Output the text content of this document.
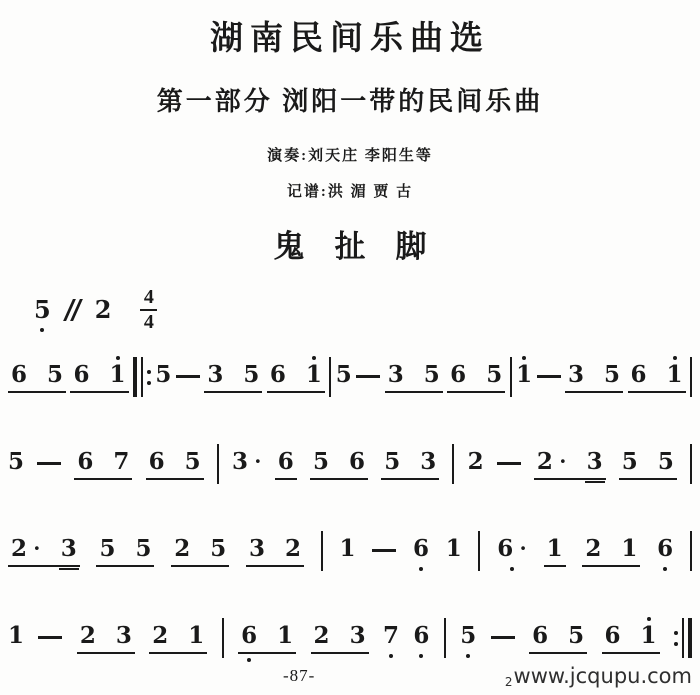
湖南民间乐曲选
第一部分 浏阳一带的民间乐曲
演奏:刘天庄 李阳生等
记谱:洪 湄 贾 古
鬼扯脚
5 $2 \frac{4}{4}$
6 5 6 1 5 3 5 6 1 5 3 5 6 5 1 3 5 6 1
5 6 7 6 5 3 · 6 5 6 5 3 2 2 · 3 5 5
2 · 3 5 5 2 5 3 2 1 6 1 6 · 1 2 1 6
1 2 3 2 1 6 1 2 3 7 6 5 6 5 6 1
-87-	2www.jcqupu.com
